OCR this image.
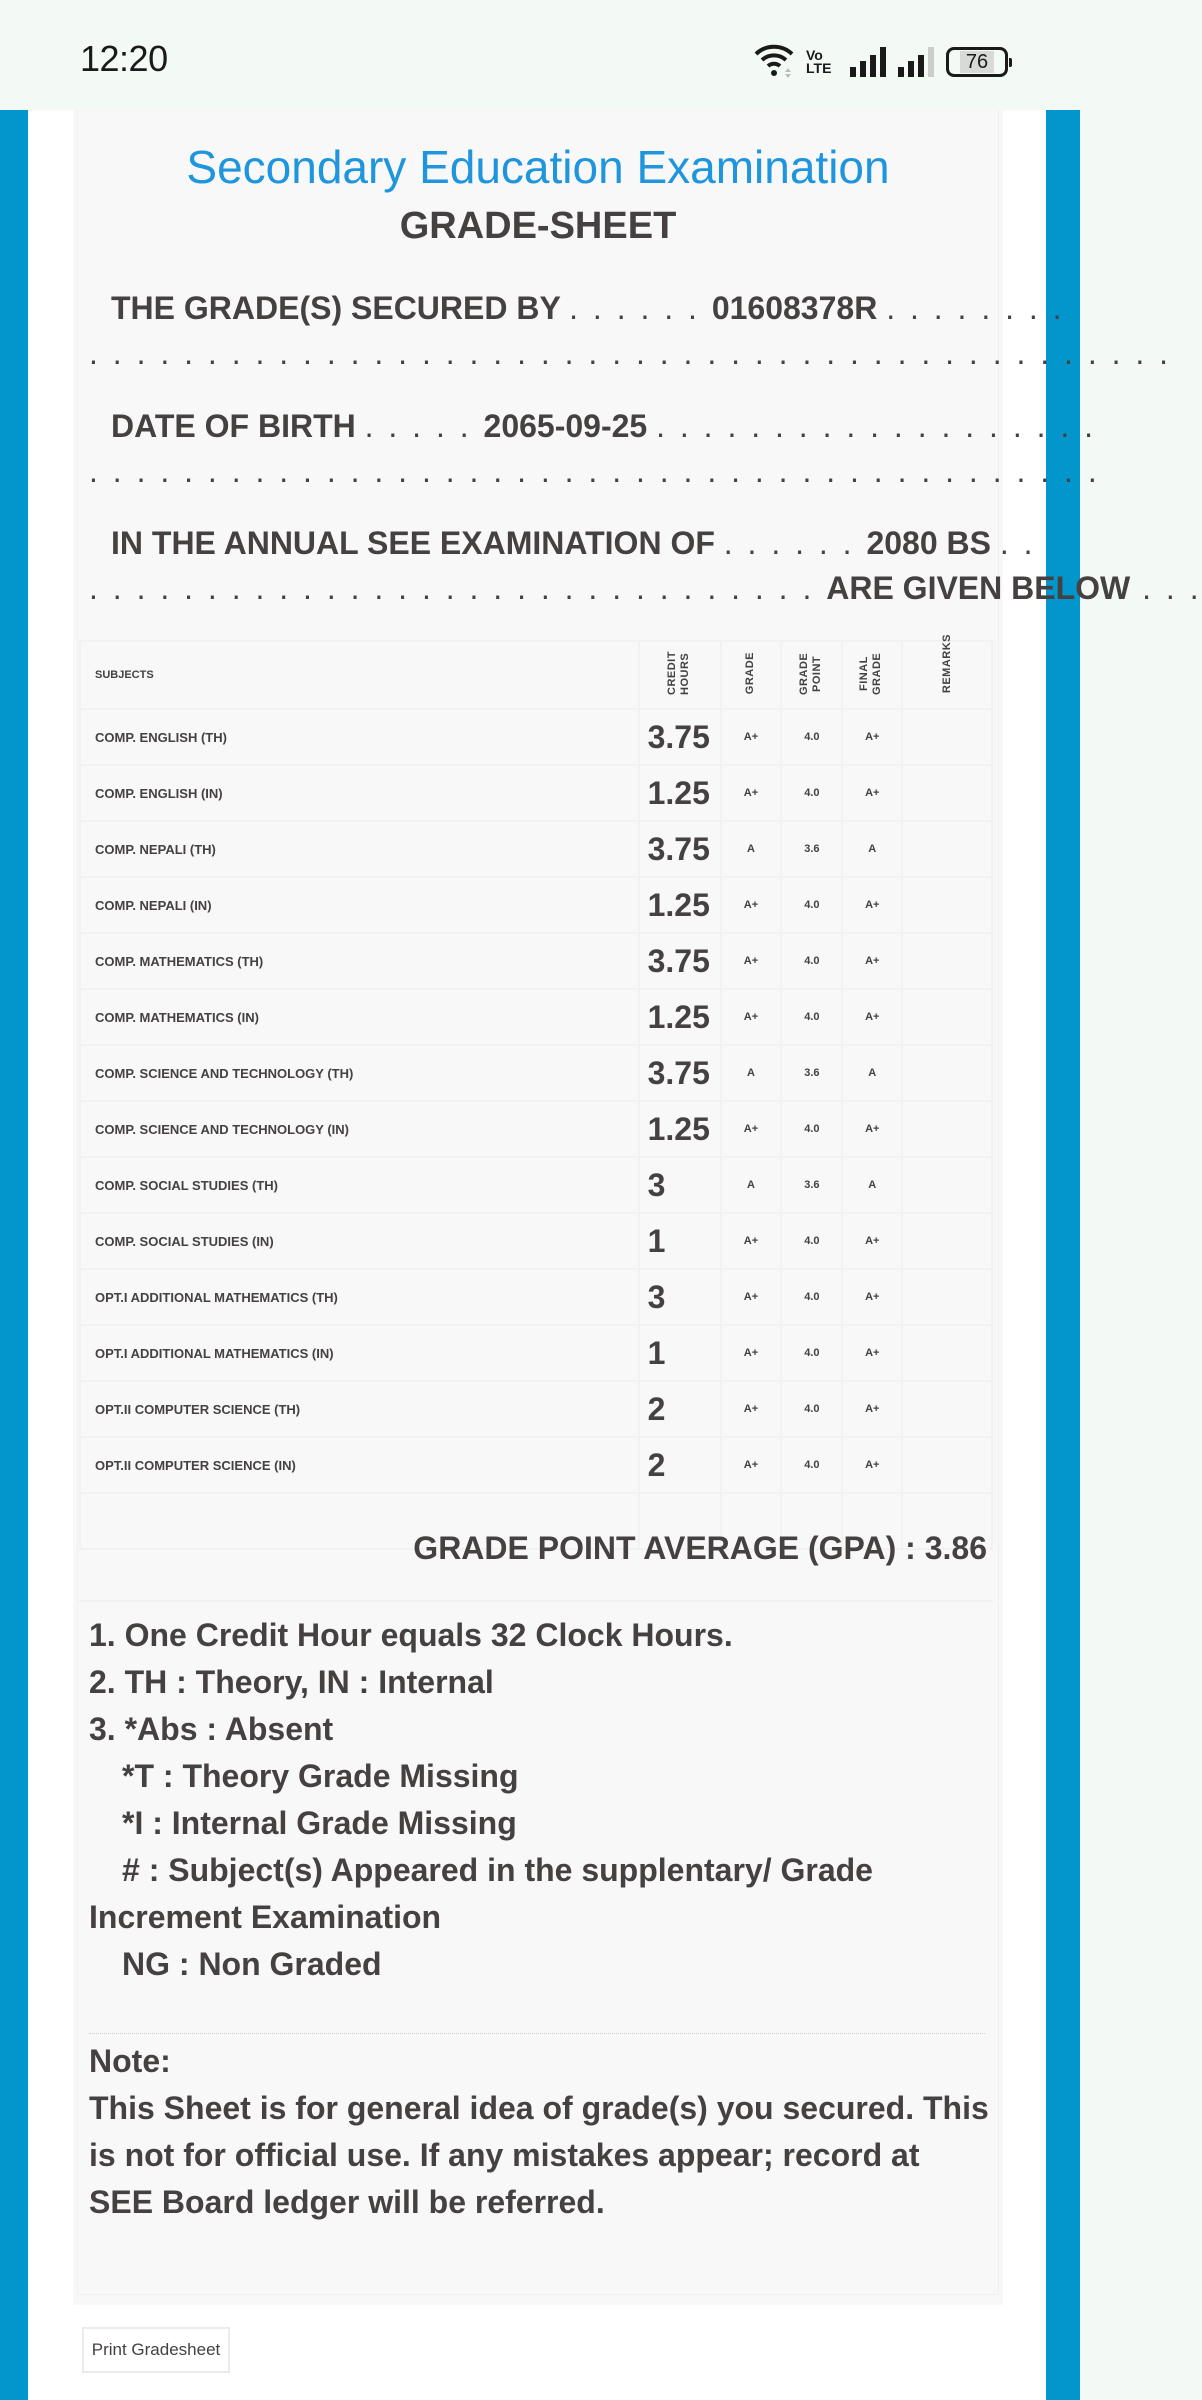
12:20	Vo LTE	76
Secondary Education Examination
GRADE-SHEET
THE GRADE(S) SECURED BY . . . . . . 01608378R . . . . . . . .
. . . . . . . . . . . . . . . . . . . . . . . . . . . . . . . . . . . . . . . . . . . . . .
DATE OF BIRTH . . . . . 2065-09-25 . . . . . . . . . . . . . . . . . . .
. . . . . . . . . . . . . . . . . . . . . . . . . . . . . . . . . . . . . . . . . . .
IN THE ANNUAL SEE EXAMINATION OF . . . . . . 2080 BS . .
. . . . . . . . . . . . . . . . . . . . . . . . . . . . . . . ARE GIVEN BELOW . . .
SUBJECTS	CREDIT HOURS	GRADE	GRADE POINT	FINAL GRADE	REMARKS
COMP. ENGLISH (TH)	3.75	A+	4.0	A+	
COMP. ENGLISH (IN)	1.25	A+	4.0	A+	
COMP. NEPALI (TH)	3.75	A	3.6	A	
COMP. NEPALI (IN)	1.25	A+	4.0	A+	
COMP. MATHEMATICS (TH)	3.75	A+	4.0	A+	
COMP. MATHEMATICS (IN)	1.25	A+	4.0	A+	
COMP. SCIENCE AND TECHNOLOGY (TH)	3.75	A	3.6	A	
COMP. SCIENCE AND TECHNOLOGY (IN)	1.25	A+	4.0	A+	
COMP. SOCIAL STUDIES (TH)	3	A	3.6	A	
COMP. SOCIAL STUDIES (IN)	1	A+	4.0	A+	
OPT.I ADDITIONAL MATHEMATICS (TH)	3	A+	4.0	A+	
OPT.I ADDITIONAL MATHEMATICS (IN)	1	A+	4.0	A+	
OPT.II COMPUTER SCIENCE (TH)	2	A+	4.0	A+	
OPT.II COMPUTER SCIENCE (IN)	2	A+	4.0	A+	

GRADE POINT AVERAGE (GPA) : 3.86
1. One Credit Hour equals 32 Clock Hours.
2. TH : Theory, IN : Internal
3. *Abs : Absent
*T : Theory Grade Missing
*I : Internal Grade Missing
# : Subject(s) Appeared in the supplentary/ Grade
Increment Examination
NG : Non Graded
Note:
This Sheet is for general idea of grade(s) you secured. This is not for official use. If any mistakes appear; record at SEE Board ledger will be referred.
Print Gradesheet
